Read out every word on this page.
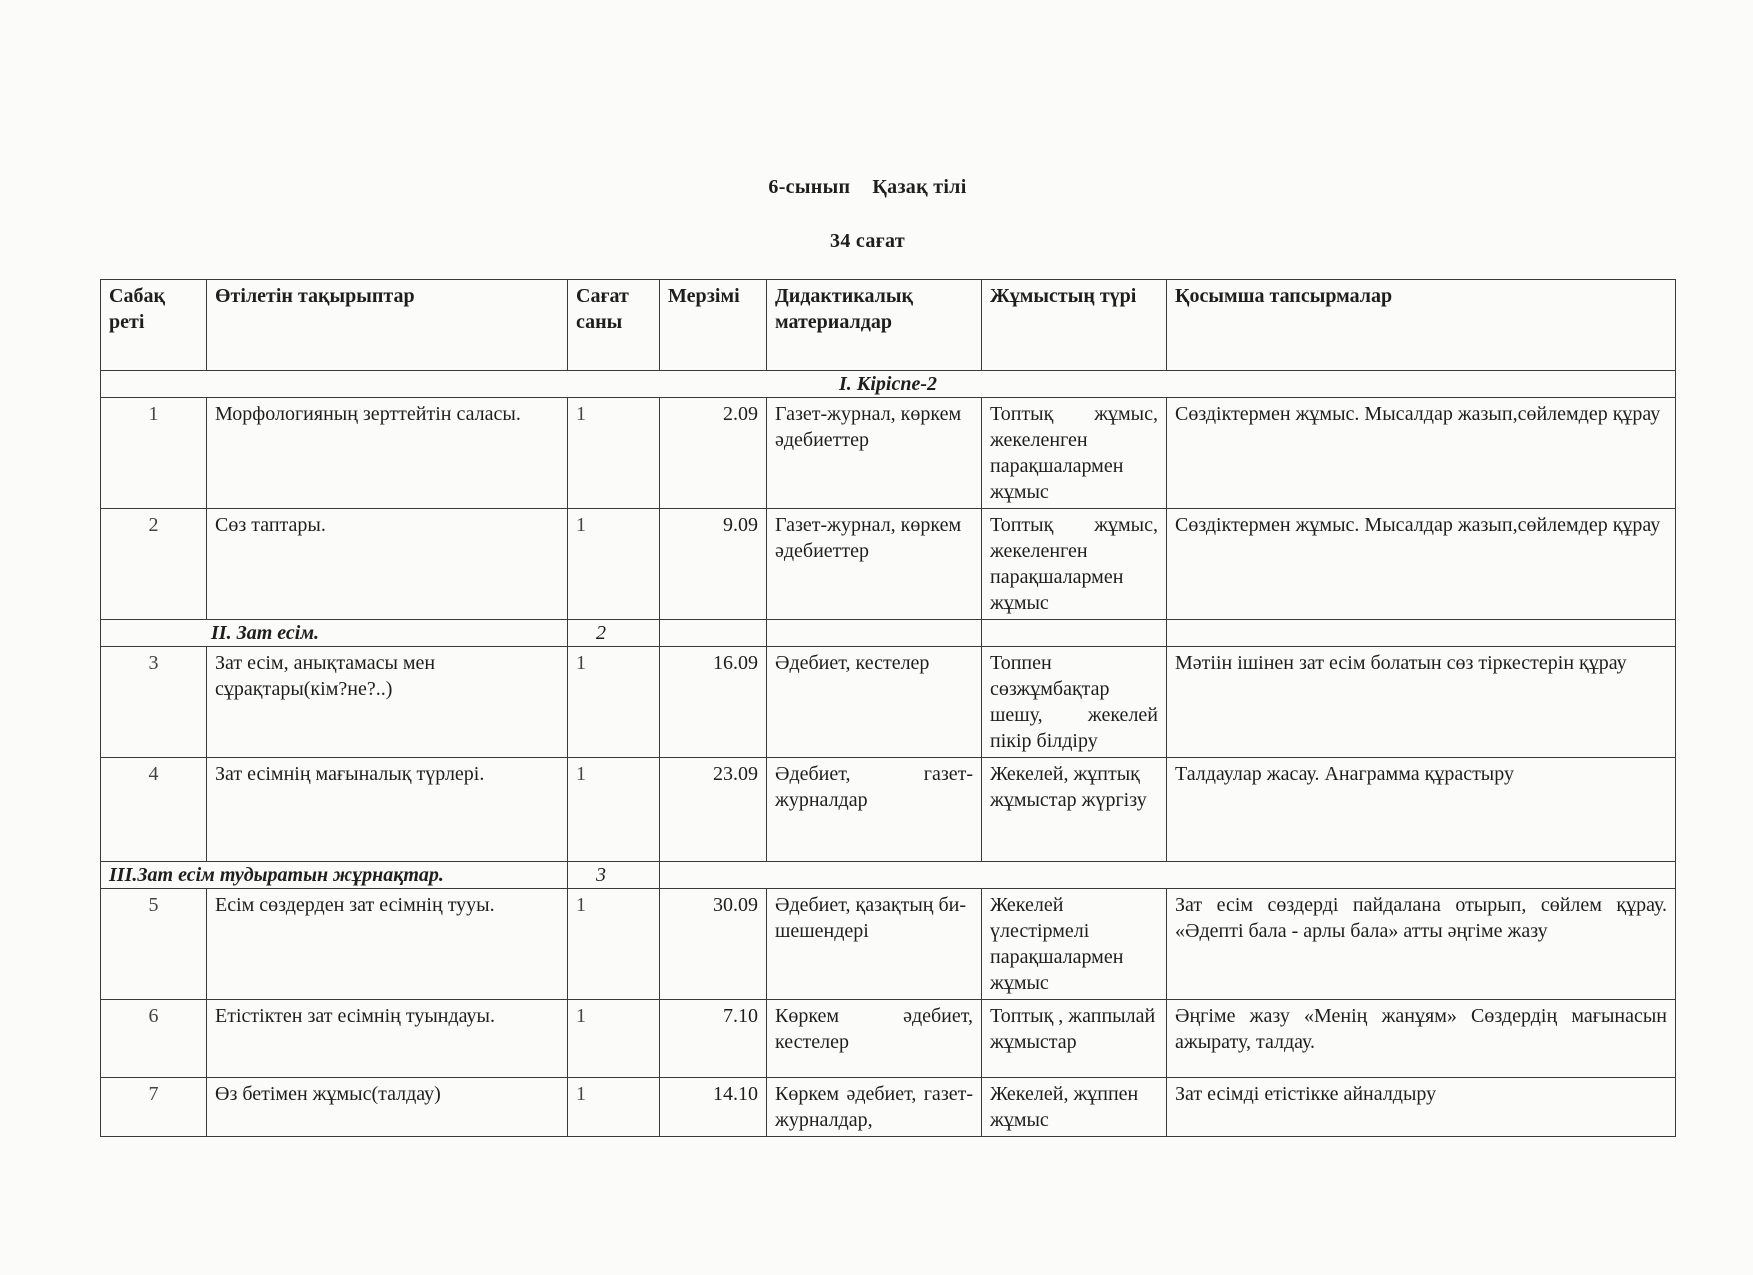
6-сынып Қазақ тілі
34 сағат
Сабақ реті	Өтілетін тақырыптар	Сағат саны	Мерзімі	Дидактикалық материалдар	Жұмыстың түрі	Қосымша тапсырмалар
I. Кіріспе-2						
1	Морфологияның зерттейтін саласы.	1	2.09	Газет-журнал, көркем әдебиеттер	Топтық жұмыс, жекеленген парақшалармен жұмыс	Сөздіктермен жұмыс. Мысалдар жазып,сөйлемдер құрау
2	Сөз таптары.	1	9.09	Газет-журнал, көркем әдебиеттер	Топтық жұмыс, жекеленген парақшалармен жұмыс	Сөздіктермен жұмыс. Мысалдар жазып,сөйлемдер құрау
II. Зат есім.		2				
3	Зат есім, анықтамасы мен сұрақтары(кім?не?..)	1	16.09	Әдебиет, кестелер	Топпен сөзжұмбақтар шешу, жекелей пікір білдіру	Мәтіін ішінен зат есім болатын сөз тіркестерін құрау
4	Зат есімнің мағыналық түрлері.	1	23.09	Әдебиет, газет-журналдар	Жекелей, жұптық жұмыстар жүргізу	Талдаулар жасау. Анаграмма құрастыру
III.Зат есім тудыратын жұрнақтар.		3				
5	Есім сөздерден зат есімнің тууы.	1	30.09	Әдебиет, қазақтың би-шешендері	Жекелей үлестірмелі парақшалармен жұмыс	Зат есім сөздерді пайдалана отырып, сөйлем құрау. «Әдепті бала - арлы бала» атты әңгіме жазу
6	Етістіктен зат есімнің туындауы.	1	7.10	Көркем әдебиет, кестелер	Топтық , жаппылай жұмыстар	Әңгіме жазу «Менің жанұям» Сөздердің мағынасын ажырату, талдау.
7	Өз бетімен жұмыс(талдау)	1	14.10	Көркем әдебиет, газет-журналдар,	Жекелей, жұппен жұмыс	Зат есімді етістікке айналдыру
